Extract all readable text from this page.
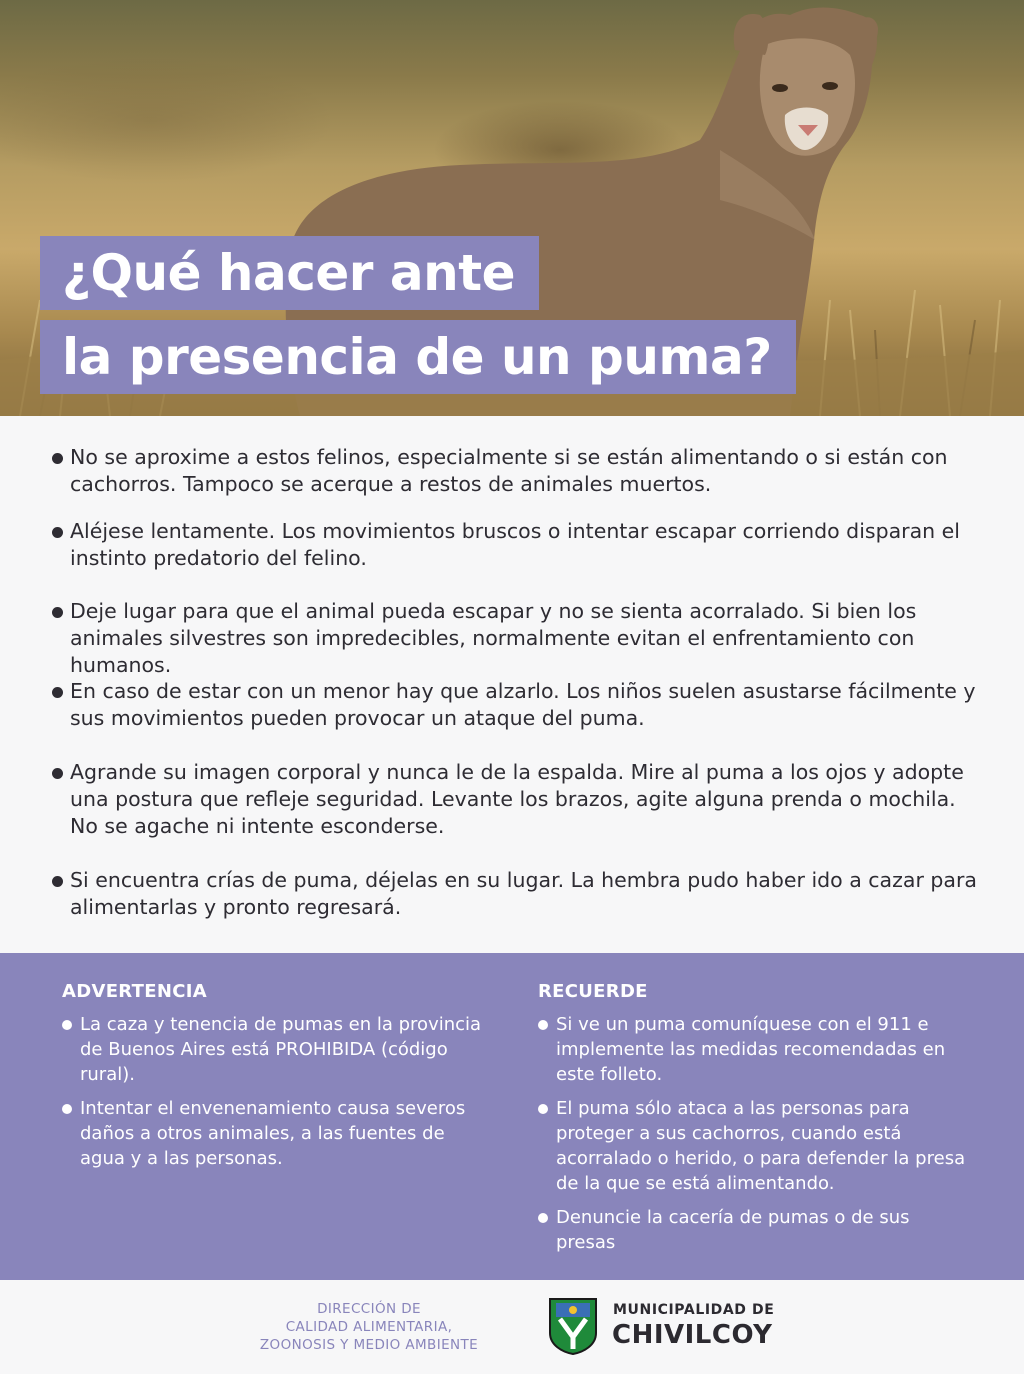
¿Qué hacer ante
la presencia de un puma?
No se aproxime a estos felinos, especialmente si se están alimentando o si están con cachorros. Tampoco se acerque a restos de animales muertos.
Aléjese lentamente. Los movimientos bruscos o intentar escapar corriendo disparan el instinto predatorio del felino.
Deje lugar para que el animal pueda escapar y no se sienta acorralado. Si bien los animales silvestres son impredecibles, normalmente evitan el enfrentamiento con humanos.
En caso de estar con un menor hay que alzarlo. Los niños suelen asustarse fácilmente y sus movimientos pueden provocar un ataque del puma.
Agrande su imagen corporal y nunca le de la espalda. Mire al puma a los ojos y adopte una postura que refleje seguridad. Levante los brazos, agite alguna prenda o mochila. No se agache ni intente esconderse.
Si encuentra crías de puma, déjelas en su lugar. La hembra pudo haber ido a cazar para alimentarlas y pronto regresará.
ADVERTENCIA
La caza y tenencia de pumas en la provincia de Buenos Aires está PROHIBIDA (código rural).
Intentar el envenenamiento causa severos daños a otros animales, a las fuentes de agua y a las personas.
RECUERDE
Si ve un puma comuníquese con el 911 e implemente las medidas recomendadas en este folleto.
El puma sólo ataca a las personas para proteger a sus cachorros, cuando está acorralado o herido, o para defender la presa de la que se está alimentando.
Denuncie la cacería de pumas o de sus presas
DIRECCIÓN DE
CALIDAD ALIMENTARIA,
ZOONOSIS Y MEDIO AMBIENTE
MUNICIPALIDAD DE
CHIVILCOY
